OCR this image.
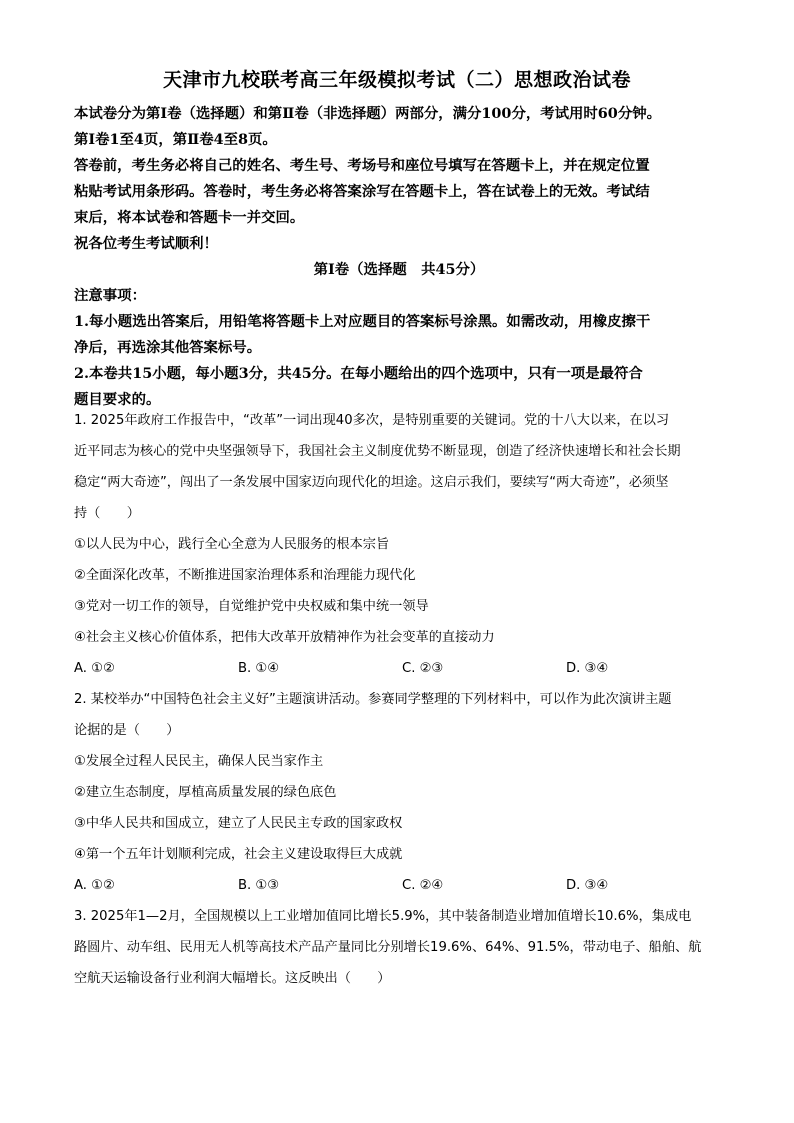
天津市九校联考高三年级模拟考试（二）思想政治试卷

本试卷分为第Ⅰ卷（选择题）和第Ⅱ卷（非选择题）两部分，满分100分，考试用时60分钟。

第Ⅰ卷1至4页，第Ⅱ卷4至8页。

答卷前，考生务必将自己的姓名、考生号、考场号和座位号填写在答题卡上，并在规定位置

粘贴考试用条形码。答卷时，考生务必将答案涂写在答题卡上，答在试卷上的无效。考试结

束后，将本试卷和答题卡一并交回。

祝各位考生考试顺利！

第Ⅰ卷（选择题　共45分）

注意事项：

1.每小题选出答案后，用铅笔将答题卡上对应题目的答案标号涂黑。如需改动，用橡皮擦干

净后，再选涂其他答案标号。

2.本卷共15小题，每小题3分，共45分。在每小题给出的四个选项中，只有一项是最符合

题目要求的。

1. 2025年政府工作报告中，“改革”一词出现40多次，是特别重要的关键词。党的十八大以来，在以习

近平同志为核心的党中央坚强领导下，我国社会主义制度优势不断显现，创造了经济快速增长和社会长期

稳定“两大奇迹”，闯出了一条发展中国家迈向现代化的坦途。这启示我们，要续写“两大奇迹”，必须坚

持（　　）

①以人民为中心，践行全心全意为人民服务的根本宗旨

②全面深化改革，不断推进国家治理体系和治理能力现代化

③党对一切工作的领导，自觉维护党中央权威和集中统一领导

④社会主义核心价值体系，把伟大改革开放精神作为社会变革的直接动力

A. ①②	B. ①④	C. ②③	D. ③④

2. 某校举办“中国特色社会主义好”主题演讲活动。参赛同学整理的下列材料中，可以作为此次演讲主题

论据的是（　　）

①发展全过程人民民主，确保人民当家作主

②建立生态制度，厚植高质量发展的绿色底色

③中华人民共和国成立，建立了人民民主专政的国家政权

④第一个五年计划顺利完成，社会主义建设取得巨大成就

A. ①②	B. ①③	C. ②④	D. ③④

3. 2025年1—2月，全国规模以上工业增加值同比增长5.9%，其中装备制造业增加值增长10.6%，集成电

路圆片、动车组、民用无人机等高技术产品产量同比分别增长19.6%、64%、91.5%，带动电子、船舶、航

空航天运输设备行业利润大幅增长。这反映出（　　）
